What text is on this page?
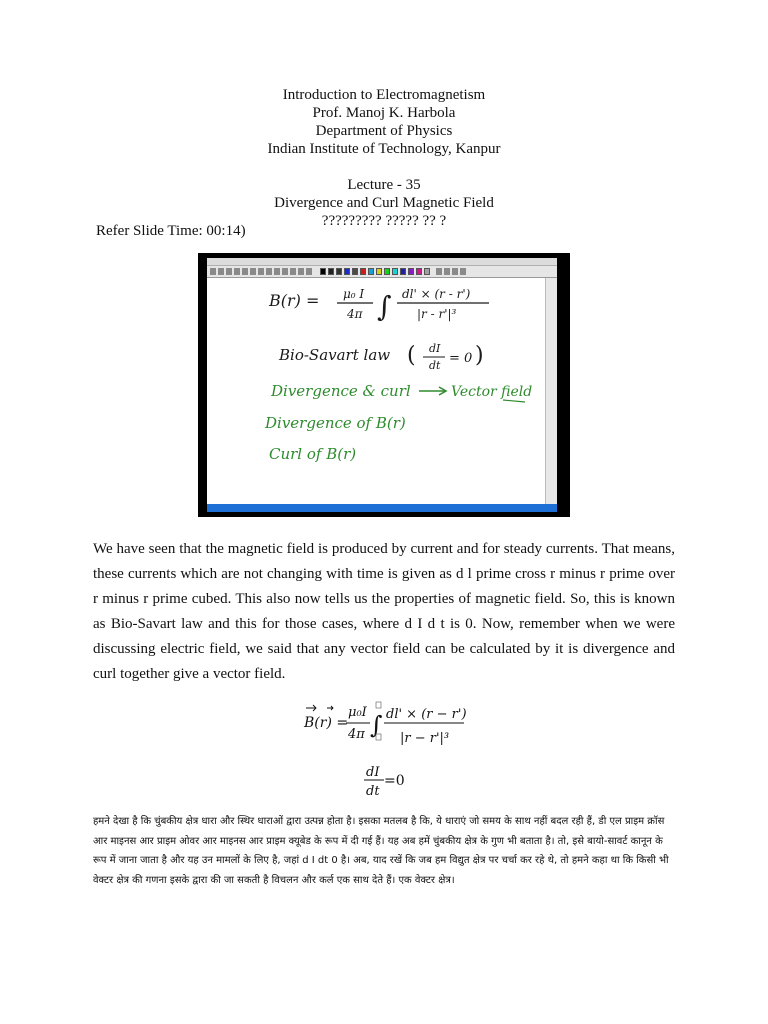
Introduction to Electromagnetism
Prof. Manoj K. Harbola
Department of Physics
Indian Institute of Technology, Kanpur
Lecture - 35
Divergence and Curl Magnetic Field
????????? ????? ?? ?
Refer Slide Time: 00:14)
B(r) = μ₀ I
4π ∫ dl' × (r - r')
|r - r'|³
Bio-Savart law ( dI
dt = 0 )
Divergence & curl	Vector field
Divergence of B(r)
Curl of B(r)
We have seen that the magnetic field is produced by current and for steady currents. That means, these currents which are not changing with time is given as d l prime cross r minus r prime over r minus r prime cubed. This also now tells us the properties of magnetic field. So, this is known as Bio-Savart law and this for those cases, where d I d t is 0. Now, remember when we were discussing electric field, we said that any vector field can be calculated by it is divergence and curl together give a vector field.
B(r) =
μ₀I
4π ∫ dl' × (r − r')
|r − r'|³
dI
dt
=0
हमने देखा है कि चुंबकीय क्षेत्र धारा और स्थिर धाराओं द्वारा उत्पन्न होता है। इसका मतलब है कि, ये धाराएं जो समय के साथ नहीं बदल रही हैं, डी एल प्राइम क्रॉस आर माइनस आर प्राइम ओवर आर माइनस आर प्राइम क्यूबेड के रूप में दी गई हैं। यह अब हमें चुंबकीय क्षेत्र के गुण भी बताता है। तो, इसे बायो-सावर्ट कानून के रूप में जाना जाता है और यह उन मामलों के लिए है, जहां d I dt 0 है। अब, याद रखें कि जब हम विद्युत क्षेत्र पर चर्चा कर रहे थे, तो हमने कहा था कि किसी भी वेक्टर क्षेत्र की गणना इसके द्वारा की जा सकती है विचलन और कर्ल एक साथ देते हैं। एक वेक्टर क्षेत्र।
